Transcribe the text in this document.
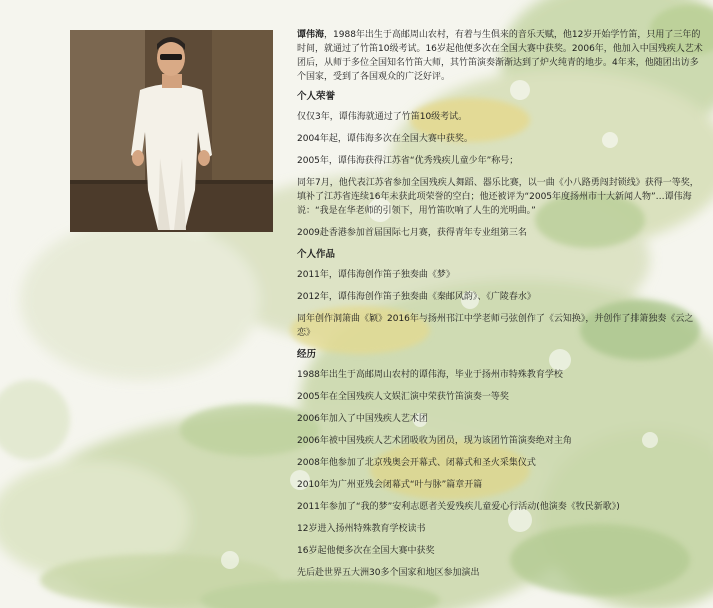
谭伟海，1988年出生于高邮周山农村，有着与生俱来的音乐天赋，他12岁开始学竹笛，只用了三年的时间，就通过了竹笛10级考试。16岁起他便多次在全国大赛中获奖。2006年，他加入中国残疾人艺术团后，从师于多位全国知名竹笛大师，其竹笛演奏渐渐达到了炉火纯青的地步。4年来，他随团出访多个国家，受到了各国观众的广泛好评。

个人荣誉

仅仅3年，谭伟海就通过了竹笛10级考试。

2004年起，谭伟海多次在全国大赛中获奖。

2005年，谭伟海获得江苏省“优秀残疾儿童少年”称号；

同年7月，他代表江苏省参加全国残疾人舞蹈、器乐比赛，以一曲《小八路勇闯封锁线》获得一等奖，填补了江苏省连续16年未获此项荣誉的空白；他还被评为“2005年度扬州市十大新闻人物”…谭伟海说：“我是在华老师的引领下，用竹笛吹响了人生的光明曲。”

2009赴香港参加首届国际七月赛，获得青年专业组第三名

个人作品

2011年，谭伟海创作笛子独奏曲《梦》

2012年，谭伟海创作笛子独奏曲《秦邮风韵》、《广陵春水》

同年创作洞箫曲《颖》2016年与扬州邗江中学老师弓弦创作了《云知换》，并创作了排箫独奏《云之恋》

经历

1988年出生于高邮周山农村的谭伟海，毕业于扬州市特殊教育学校

2005年在全国残疾人文娱汇演中荣获竹笛演奏一等奖

2006年加入了中国残疾人艺术团

2006年被中国残疾人艺术团吸收为团员，现为该团竹笛演奏绝对主角

2008年他参加了北京残奥会开幕式、闭幕式和圣火采集仪式

2010年为广州亚残会闭幕式“叶与脉”篇章开篇

2011年参加了“我的梦”安利志愿者关爱残疾儿童爱心行活动(他演奏《牧民新歌》)

12岁进入扬州特殊教育学校读书

16岁起他便多次在全国大赛中获奖

先后赴世界五大洲30多个国家和地区参加演出
